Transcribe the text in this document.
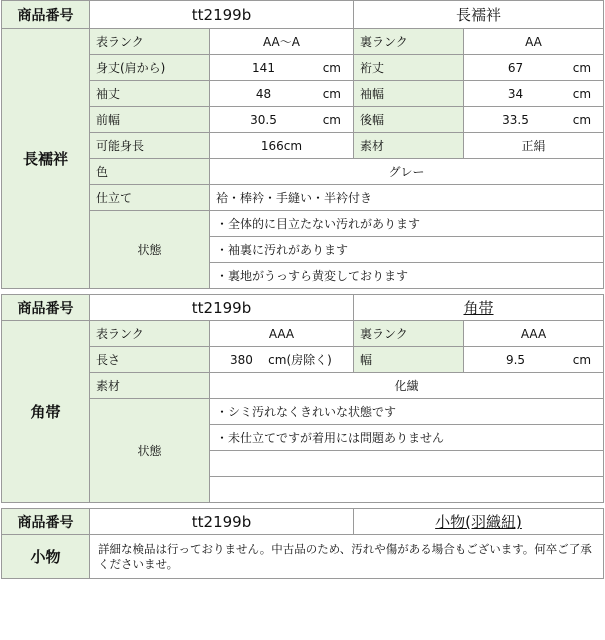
商品番号	tt2199b		長襦袢	
長襦袢	表ランク	AA～A	裏ランク	AA
	身丈(肩から)	141 cm	裄丈	67 cm

	袖丈	48 cm	袖幅	34 cm

	前幅	30.5 cm	後幅	33.5 cm

	可能身長	166cm	素材	正絹
	色	グレー		
	仕立て	袷・棒衿・手縫い・半衿付き		
	状態	・全体的に目立たない汚れがあります		
		・袖裏に汚れがあります		
		・裏地がうっすら黄変しております		
商品番号	tt2199b		角帯	
角帯	表ランク	AAA	裏ランク	AAA
	長さ	380 cm(房除く)	幅	9.5 cm

	素材	化繊		
	状態	・シミ汚れなくきれいな状態です		
		・未仕立てですが着用には問題ありません		

商品番号	tt2199b	小物(羽織紐)
小物	詳細な検品は行っておりません。中古品のため、汚れや傷がある場合もございます。何卒ご了承くださいませ。	
